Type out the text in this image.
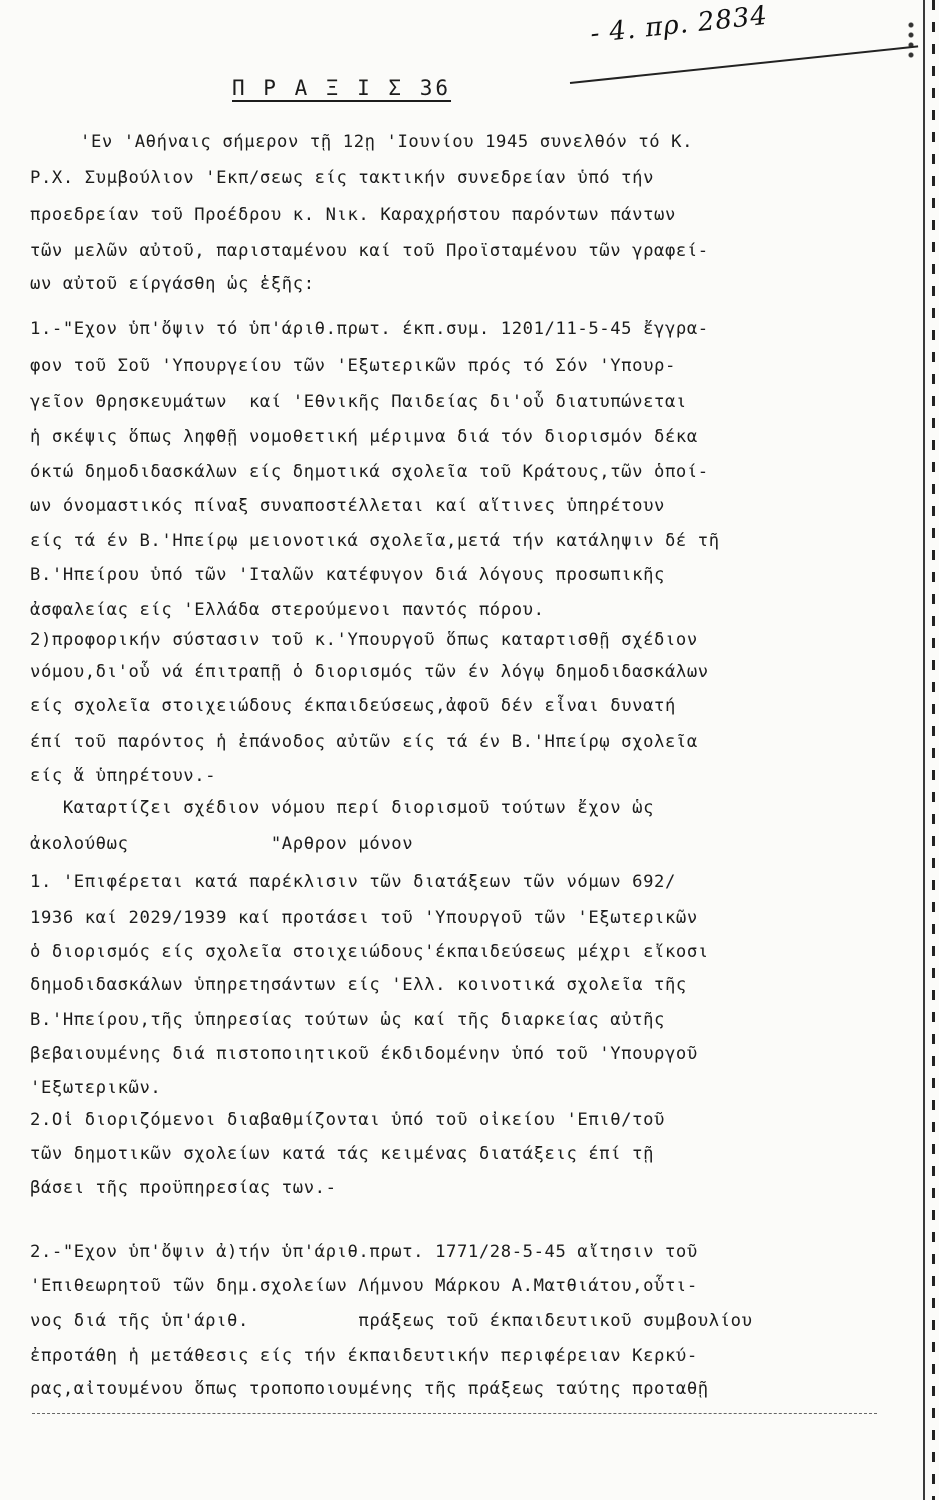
- 4. πρ. 2834
Π Ρ Α Ξ Ι Σ 36
'Εν 'Αθήναις σήμερον τῇ 12ῃ 'Ιουνίου 1945 συνελθόν τό Κ.
Ρ.Χ. Συμβούλιον 'Εκπ/σεως είς τακτικήν συνεδρείαν ὑπό τήν
προεδρείαν τοῦ Προέδρου κ. Νικ. Καραχρήστου παρόντων πάντων
τῶν μελῶν αὐτοῦ, παρισταμένου καί τοῦ Προϊσταμένου τῶν γραφεί-
ων αὐτοῦ είργάσθη ὡς ἑξῆς:
1.-"Εχον ὑπ'ὄψιν τό ὑπ'άριθ.πρωτ. έκπ.συμ. 1201/11-5-45 ἔγγρα-
φον τοῦ Σοῦ 'Υπουργείου τῶν 'Εξωτερικῶν πρός τό Σόν 'Υπουρ-
γεῖον Θρησκευμάτων  καί 'Εθνικῆς Παιδείας δι'οὗ διατυπώνεται
ἡ σκέψις ὅπως ληφθῇ νομοθετική μέριμνα διά τόν διορισμόν δέκα
όκτώ δημοδιδασκάλων είς δημοτικά σχολεῖα τοῦ Κράτους,τῶν ὁποί-
ων όνομαστικός πίναξ συναποστέλλεται καί αἵτινες ὑπηρέτουν
είς τά έν Β.'Ηπείρῳ μειονοτικά σχολεῖα,μετά τήν κατάληψιν δέ τῆ
Β.'Ηπείρου ὑπό τῶν 'Ιταλῶν κατέφυγον διά λόγους προσωπικῆς
ἀσφαλείας είς 'Ελλάδα στερούμενοι παντός πόρου.
2)προφορικήν σύστασιν τοῦ κ.'Υπουργοῦ ὅπως καταρτισθῇ σχέδιον
νόμου,δι'οὗ νά έπιτραπῇ ὁ διορισμός τῶν έν λόγῳ δημοδιδασκάλων
είς σχολεῖα στοιχειώδους έκπαιδεύσεως,ἀφοῦ δέν εἶναι δυνατή
έπί τοῦ παρόντος ἡ ἐπάνοδος αὐτῶν είς τά έν Β.'Ηπείρῳ σχολεῖα
είς ἅ ὑπηρέτουν.-
Καταρτίζει σχέδιον νόμου περί διορισμοῦ τούτων ἔχον ὡς
ἀκολούθως             "Αρθρον μόνον
1. 'Επιφέρεται κατά παρέκλισιν τῶν διατάξεων τῶν νόμων 692/
1936 καί 2029/1939 καί προτάσει τοῦ 'Υπουργοῦ τῶν 'Εξωτερικῶν
ὁ διορισμός είς σχολεῖα στοιχειώδους'έκπαιδεύσεως μέχρι εἴκοσι
δημοδιδασκάλων ὑπηρετησάντων είς 'Ελλ. κοινοτικά σχολεῖα τῆς
Β.'Ηπείρου,τῆς ὑπηρεσίας τούτων ὡς καί τῆς διαρκείας αὐτῆς
βεβαιουμένης διά πιστοποιητικοῦ έκδιδομένην ὑπό τοῦ 'Υπουργοῦ
'Εξωτερικῶν.
2.Οἱ διοριζόμενοι διαβαθμίζονται ὑπό τοῦ οἰκείου 'Επιθ/τοῦ
τῶν δημοτικῶν σχολείων κατά τάς κειμένας διατάξεις έπί τῇ
βάσει τῆς προϋπηρεσίας των.-
2.-"Εχον ὑπ'ὄψιν ἀ)τήν ὑπ'άριθ.πρωτ. 1771/28-5-45 αἴτησιν τοῦ
'Επιθεωρητοῦ τῶν δημ.σχολείων Λήμνου Μάρκου Α.Ματθιάτου,οὗτι-
νος διά τῆς ὑπ'άριθ.          πράξεως τοῦ έκπαιδευτικοῦ συμβουλίου
ἐπροτάθη ἡ μετάθεσις είς τήν έκπαιδευτικήν περιφέρειαν Κερκύ-
ρας,αἰτουμένου ὅπως τροποποιουμένης τῆς πράξεως ταύτης προταθῇ
